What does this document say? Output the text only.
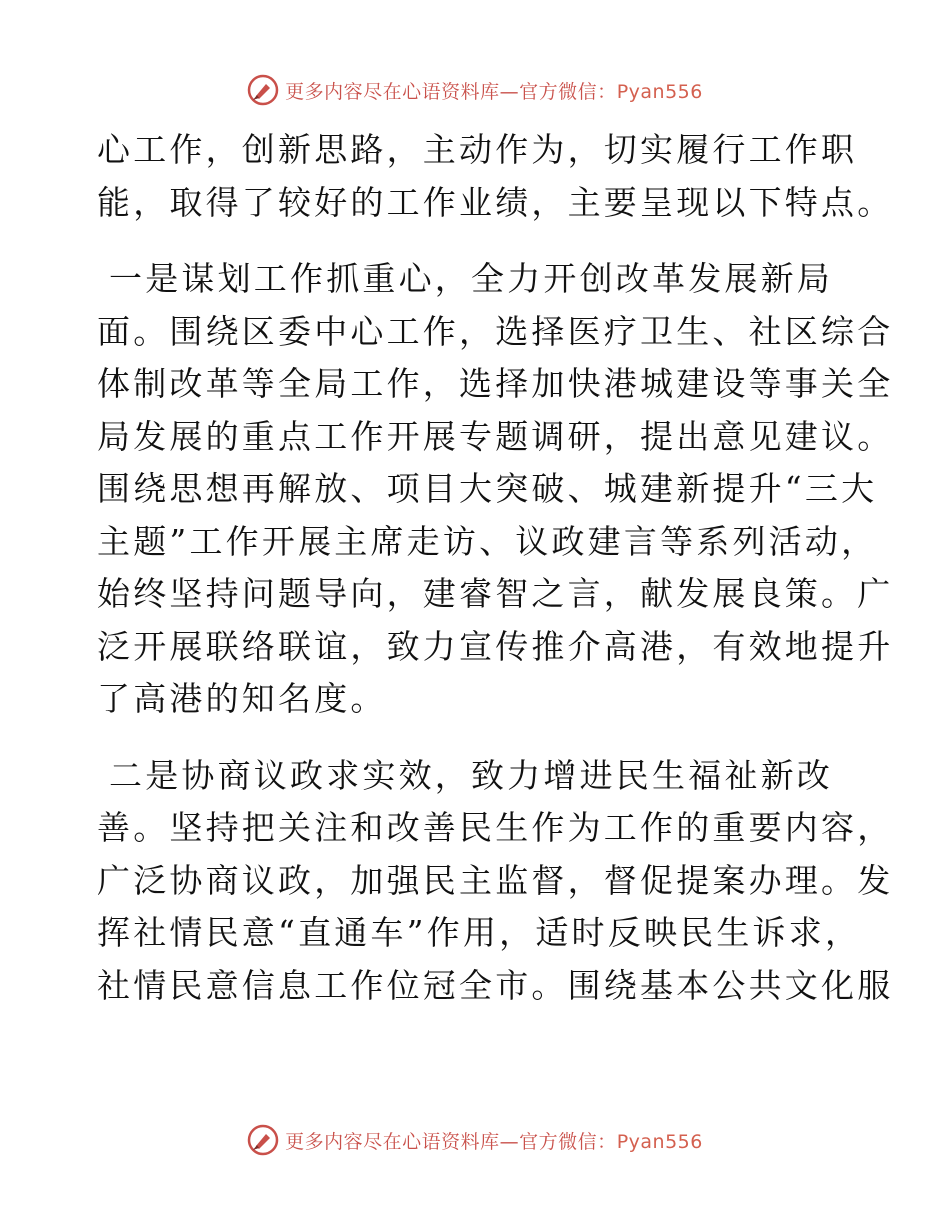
更多内容尽在心语资料库—官方微信：Pyan556
心工作，创新思路，主动作为，切实履行工作职
能，取得了较好的工作业绩，主要呈现以下特点。
一是谋划工作抓重心，全力开创改革发展新局
面。围绕区委中心工作，选择医疗卫生、社区综合
体制改革等全局工作，选择加快港城建设等事关全
局发展的重点工作开展专题调研，提出意见建议。
围绕思想再解放、项目大突破、城建新提升“三大
主题”工作开展主席走访、议政建言等系列活动，
始终坚持问题导向，建睿智之言，献发展良策。广
泛开展联络联谊，致力宣传推介高港，有效地提升
了高港的知名度。
二是协商议政求实效，致力增进民生福祉新改
善。坚持把关注和改善民生作为工作的重要内容，
广泛协商议政，加强民主监督，督促提案办理。发
挥社情民意“直通车”作用，适时反映民生诉求，
社情民意信息工作位冠全市。围绕基本公共文化服
更多内容尽在心语资料库—官方微信：Pyan556
